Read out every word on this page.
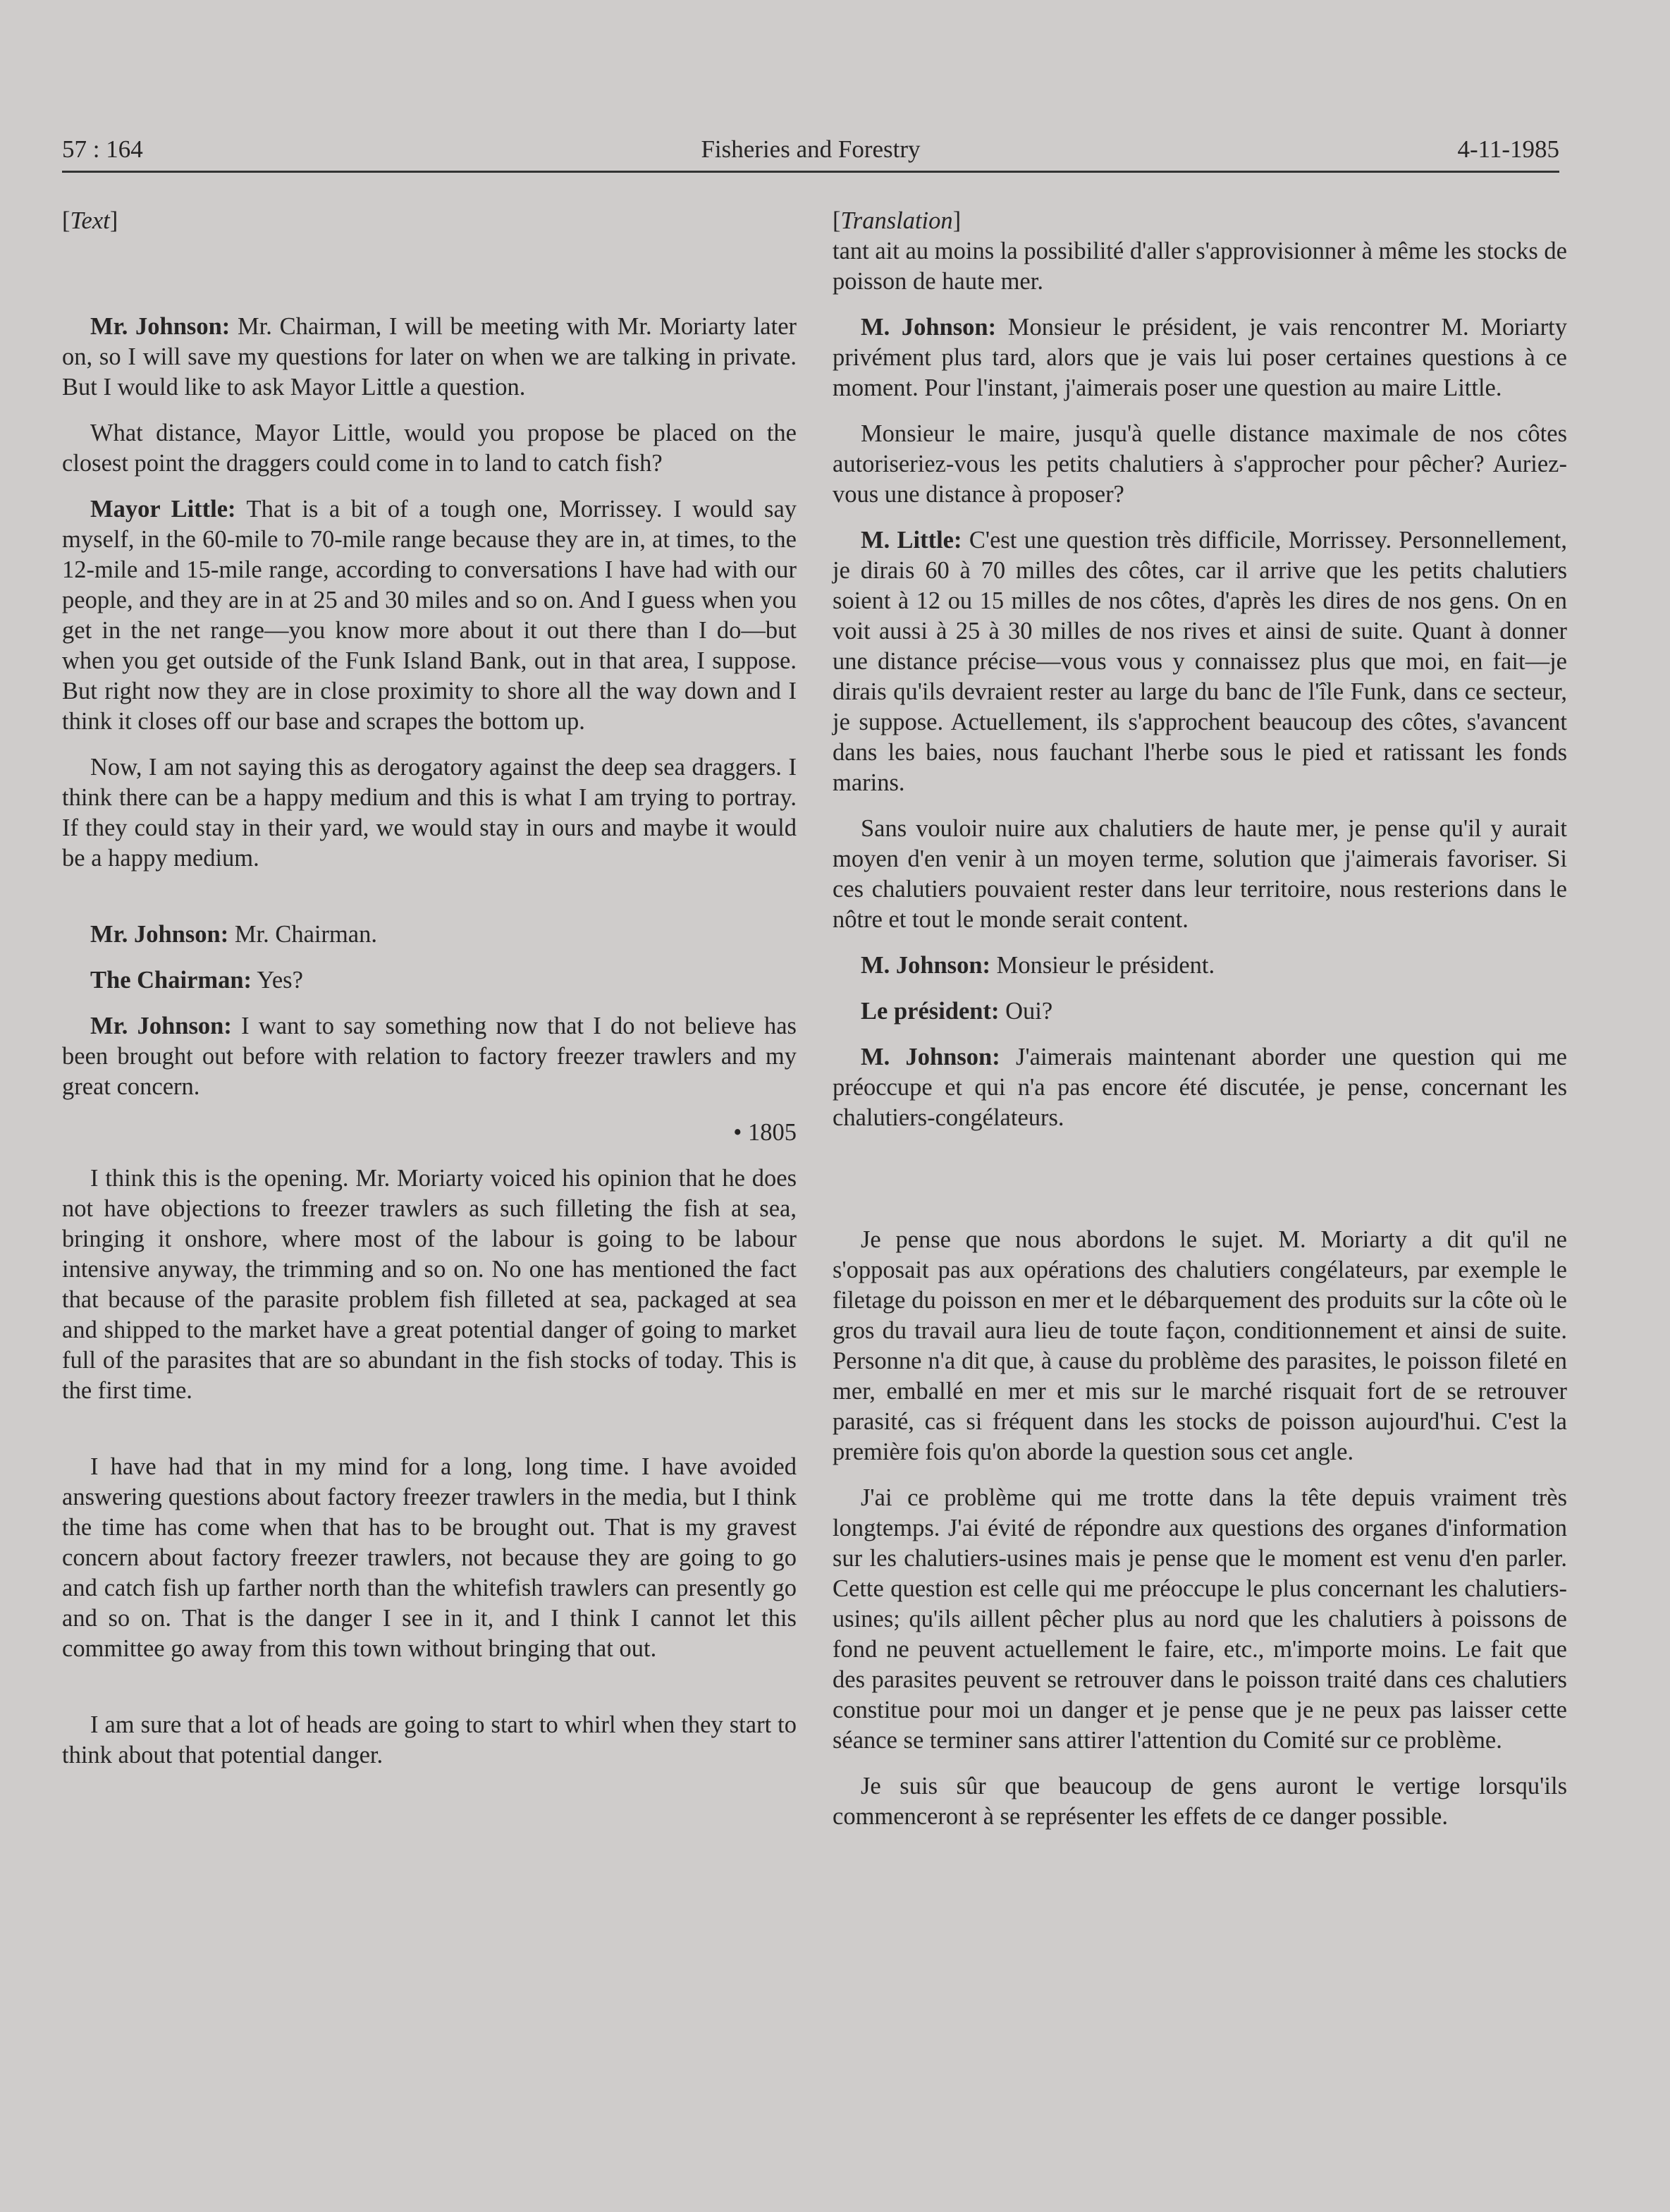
57 : 164	Fisheries and Forestry	4-11-1985

[Text]

Mr. Johnson: Mr. Chairman, I will be meeting with Mr. Moriarty later on, so I will save my questions for later on when we are talking in private. But I would like to ask Mayor Little a question.

What distance, Mayor Little, would you propose be placed on the closest point the draggers could come in to land to catch fish?

Mayor Little: That is a bit of a tough one, Morrissey. I would say myself, in the 60-mile to 70-mile range because they are in, at times, to the 12-mile and 15-mile range, according to conversations I have had with our people, and they are in at 25 and 30 miles and so on. And I guess when you get in the net range—you know more about it out there than I do—but when you get outside of the Funk Island Bank, out in that area, I suppose. But right now they are in close proximity to shore all the way down and I think it closes off our base and scrapes the bottom up.

Now, I am not saying this as derogatory against the deep sea draggers. I think there can be a happy medium and this is what I am trying to portray. If they could stay in their yard, we would stay in ours and maybe it would be a happy medium.

Mr. Johnson: Mr. Chairman.

The Chairman: Yes?

Mr. Johnson: I want to say something now that I do not believe has been brought out before with relation to factory freezer trawlers and my great concern.

• 1805

I think this is the opening. Mr. Moriarty voiced his opinion that he does not have objections to freezer trawlers as such filleting the fish at sea, bringing it onshore, where most of the labour is going to be labour intensive anyway, the trimming and so on. No one has mentioned the fact that because of the parasite problem fish filleted at sea, packaged at sea and shipped to the market have a great potential danger of going to market full of the parasites that are so abundant in the fish stocks of today. This is the first time.

I have had that in my mind for a long, long time. I have avoided answering questions about factory freezer trawlers in the media, but I think the time has come when that has to be brought out. That is my gravest concern about factory freezer trawlers, not because they are going to go and catch fish up farther north than the whitefish trawlers can presently go and so on. That is the danger I see in it, and I think I cannot let this committee go away from this town without bringing that out.

I am sure that a lot of heads are going to start to whirl when they start to think about that potential danger.

[Translation]

tant ait au moins la possibilité d'aller s'approvisionner à même les stocks de poisson de haute mer.

M. Johnson: Monsieur le président, je vais rencontrer M. Moriarty privément plus tard, alors que je vais lui poser certaines questions à ce moment. Pour l'instant, j'aimerais poser une question au maire Little.

Monsieur le maire, jusqu'à quelle distance maximale de nos côtes autoriseriez-vous les petits chalutiers à s'approcher pour pêcher? Auriez-vous une distance à proposer?

M. Little: C'est une question très difficile, Morrissey. Personnellement, je dirais 60 à 70 milles des côtes, car il arrive que les petits chalutiers soient à 12 ou 15 milles de nos côtes, d'après les dires de nos gens. On en voit aussi à 25 à 30 milles de nos rives et ainsi de suite. Quant à donner une distance précise—vous vous y connaissez plus que moi, en fait—je dirais qu'ils devraient rester au large du banc de l'île Funk, dans ce secteur, je suppose. Actuellement, ils s'approchent beaucoup des côtes, s'avancent dans les baies, nous fauchant l'herbe sous le pied et ratissant les fonds marins.

Sans vouloir nuire aux chalutiers de haute mer, je pense qu'il y aurait moyen d'en venir à un moyen terme, solution que j'aimerais favoriser. Si ces chalutiers pouvaient rester dans leur territoire, nous resterions dans le nôtre et tout le monde serait content.

M. Johnson: Monsieur le président.

Le président: Oui?

M. Johnson: J'aimerais maintenant aborder une question qui me préoccupe et qui n'a pas encore été discutée, je pense, concernant les chalutiers-congélateurs.

Je pense que nous abordons le sujet. M. Moriarty a dit qu'il ne s'opposait pas aux opérations des chalutiers congélateurs, par exemple le filetage du poisson en mer et le débarquement des produits sur la côte où le gros du travail aura lieu de toute façon, conditionnement et ainsi de suite. Personne n'a dit que, à cause du problème des parasites, le poisson fileté en mer, emballé en mer et mis sur le marché risquait fort de se retrouver parasité, cas si fréquent dans les stocks de poisson aujourd'hui. C'est la première fois qu'on aborde la question sous cet angle.

J'ai ce problème qui me trotte dans la tête depuis vraiment très longtemps. J'ai évité de répondre aux questions des organes d'information sur les chalutiers-usines mais je pense que le moment est venu d'en parler. Cette question est celle qui me préoccupe le plus concernant les chalutiers-usines; qu'ils aillent pêcher plus au nord que les chalutiers à poissons de fond ne peuvent actuellement le faire, etc., m'importe moins. Le fait que des parasites peuvent se retrouver dans le poisson traité dans ces chalutiers constitue pour moi un danger et je pense que je ne peux pas laisser cette séance se terminer sans attirer l'attention du Comité sur ce problème.

Je suis sûr que beaucoup de gens auront le vertige lorsqu'ils commenceront à se représenter les effets de ce danger possible.
